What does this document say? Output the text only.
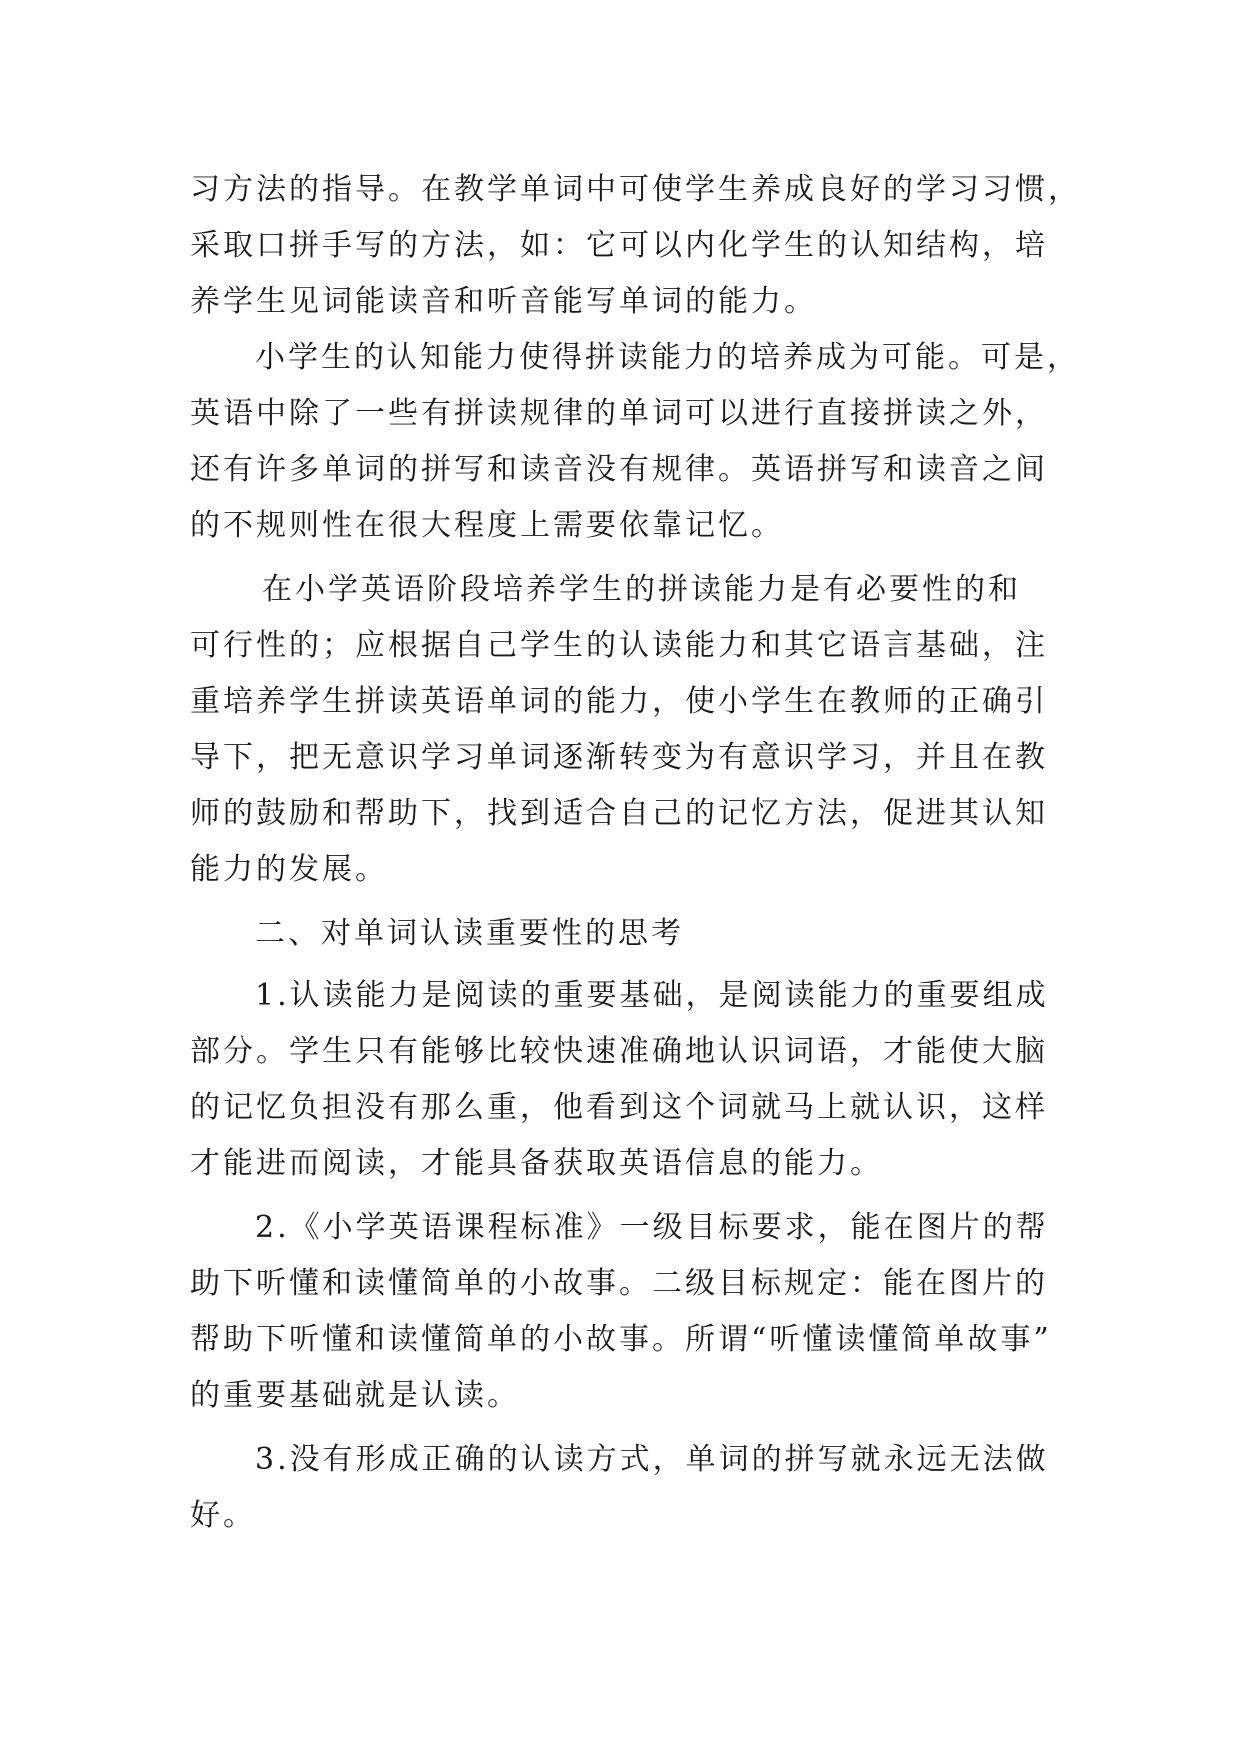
习方法的指导。在教学单词中可使学生养成良好的学习习惯，
采取口拼手写的方法，如：它可以内化学生的认知结构，培
养学生见词能读音和听音能写单词的能力。
小学生的认知能力使得拼读能力的培养成为可能。可是，
英语中除了一些有拼读规律的单词可以进行直接拼读之外，
还有许多单词的拼写和读音没有规律。英语拼写和读音之间
的不规则性在很大程度上需要依靠记忆。
在小学英语阶段培养学生的拼读能力是有必要性的和
可行性的；应根据自己学生的认读能力和其它语言基础，注
重培养学生拼读英语单词的能力，使小学生在教师的正确引
导下，把无意识学习单词逐渐转变为有意识学习，并且在教
师的鼓励和帮助下，找到适合自己的记忆方法，促进其认知
能力的发展。
二、对单词认读重要性的思考
1.认读能力是阅读的重要基础，是阅读能力的重要组成
部分。学生只有能够比较快速准确地认识词语，才能使大脑
的记忆负担没有那么重，他看到这个词就马上就认识，这样
才能进而阅读，才能具备获取英语信息的能力。
2.《小学英语课程标准》一级目标要求，能在图片的帮
助下听懂和读懂简单的小故事。二级目标规定：能在图片的
帮助下听懂和读懂简单的小故事。所谓“听懂读懂简单故事”
的重要基础就是认读。
3.没有形成正确的认读方式，单词的拼写就永远无法做
好。
